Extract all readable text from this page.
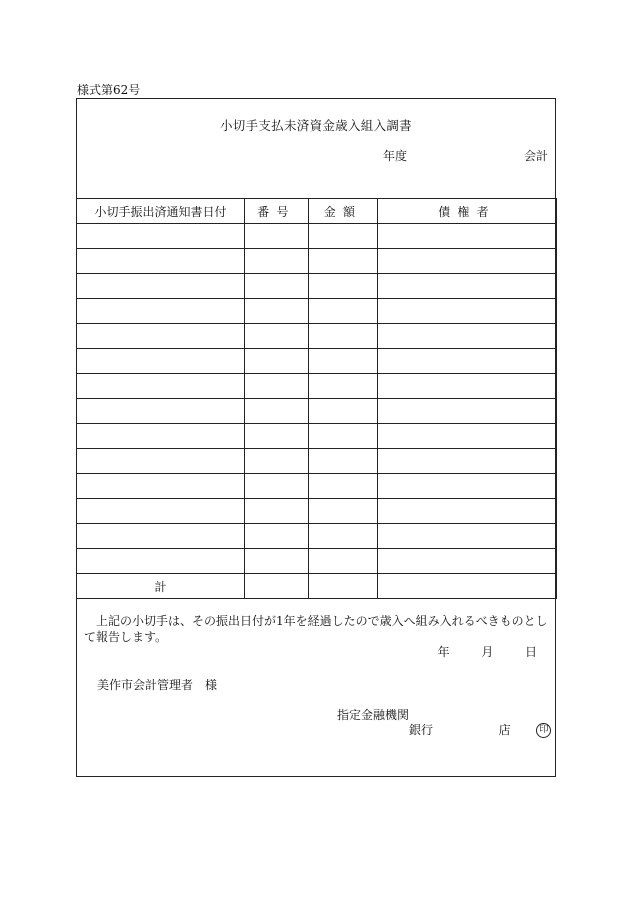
様式第62号
小切手支払未済資金歳入組入調書
年度	会計
小切手振出済通知書日付	番号	金額	債権者

計			
上記の小切手は、その振出日付が1年を経過したので歳入へ組み入れるべきものとして報告します。
年	月	日
美作市会計管理者　様
指定金融機関
銀行	店	印
